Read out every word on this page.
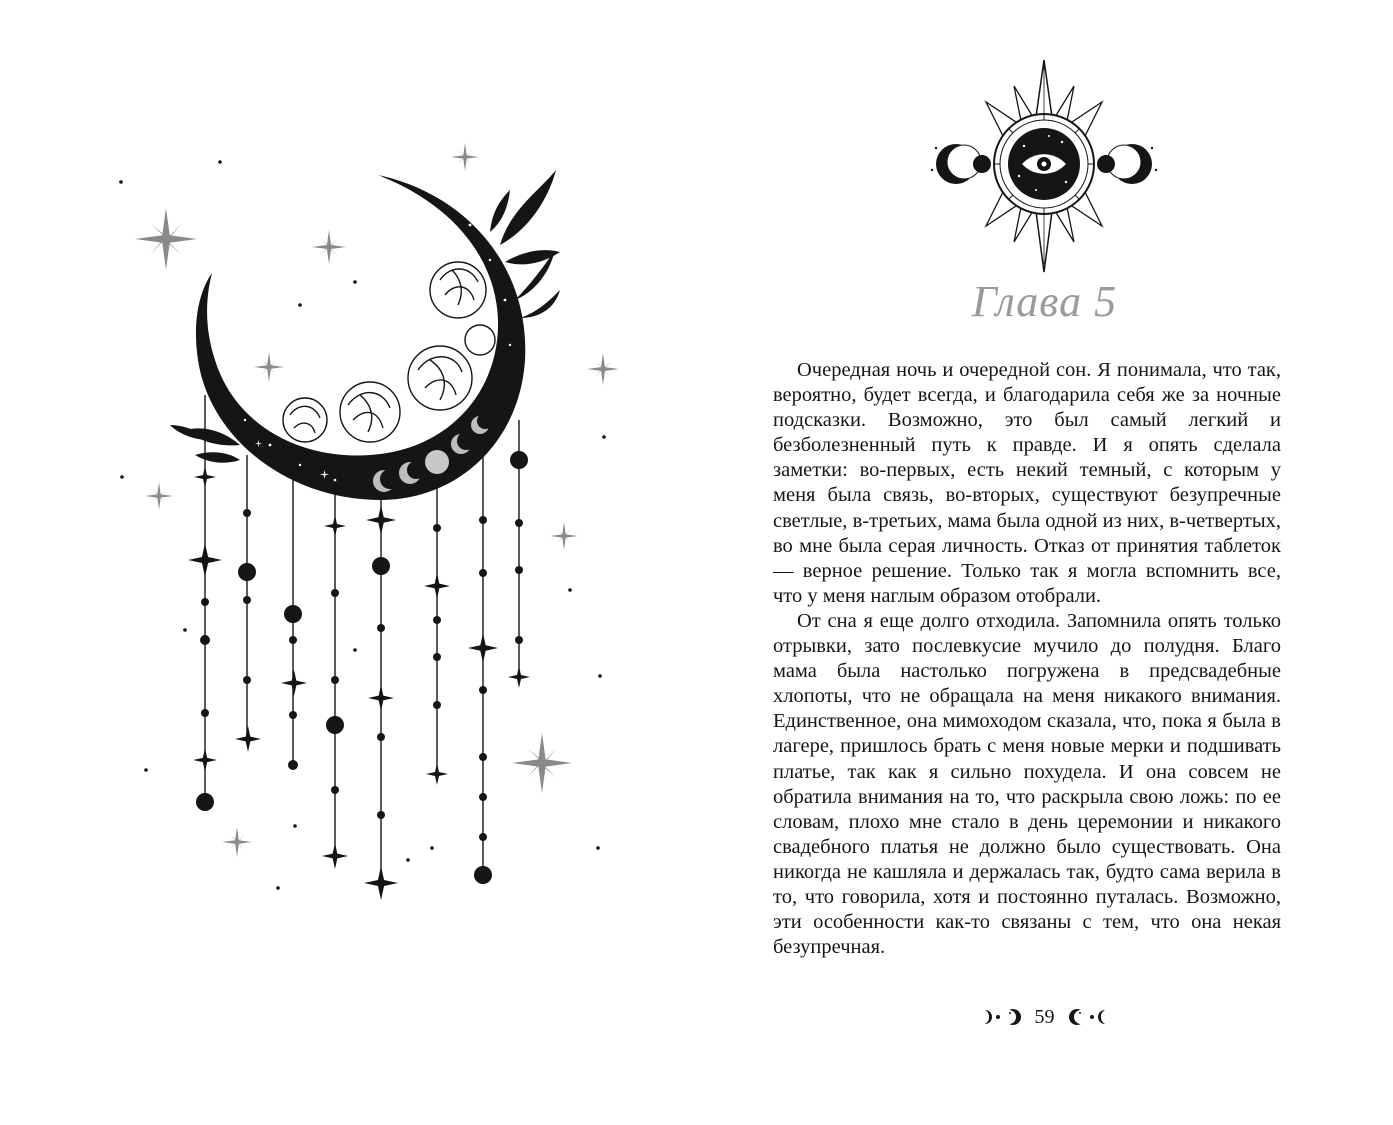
Глава 5

Очередная ночь и очередной сон. Я понимала, что так, вероятно, будет всегда, и благодарила себя же за ночные подсказки. Возможно, это был самый легкий и безболезненный путь к правде. И я опять сделала заметки: во-первых, есть некий темный, с которым у меня была связь, во-вторых, существуют безупречные светлые, в-третьих, мама была одной из них, в-четвертых, во мне была серая личность. Отказ от принятия таблеток — верное решение. Только так я могла вспомнить все, что у меня наглым образом отобрали.

От сна я еще долго отходила. Запомнила опять только отрывки, зато послевкусие мучило до полудня. Благо мама была настолько погружена в предсвадебные хлопоты, что не обращала на меня никакого внимания. Единственное, она мимоходом сказала, что, пока я была в лагере, пришлось брать с меня новые мерки и подшивать платье, так как я сильно похудела. И она совсем не обратила внимания на то, что раскрыла свою ложь: по ее словам, плохо мне стало в день церемонии и никакого свадебного платья не должно было существовать. Она никогда не кашляла и держалась так, будто сама верила в то, что говорила, хотя и постоянно путалась. Возможно, эти особенности как-то связаны с тем, что она некая безупречная.

59
